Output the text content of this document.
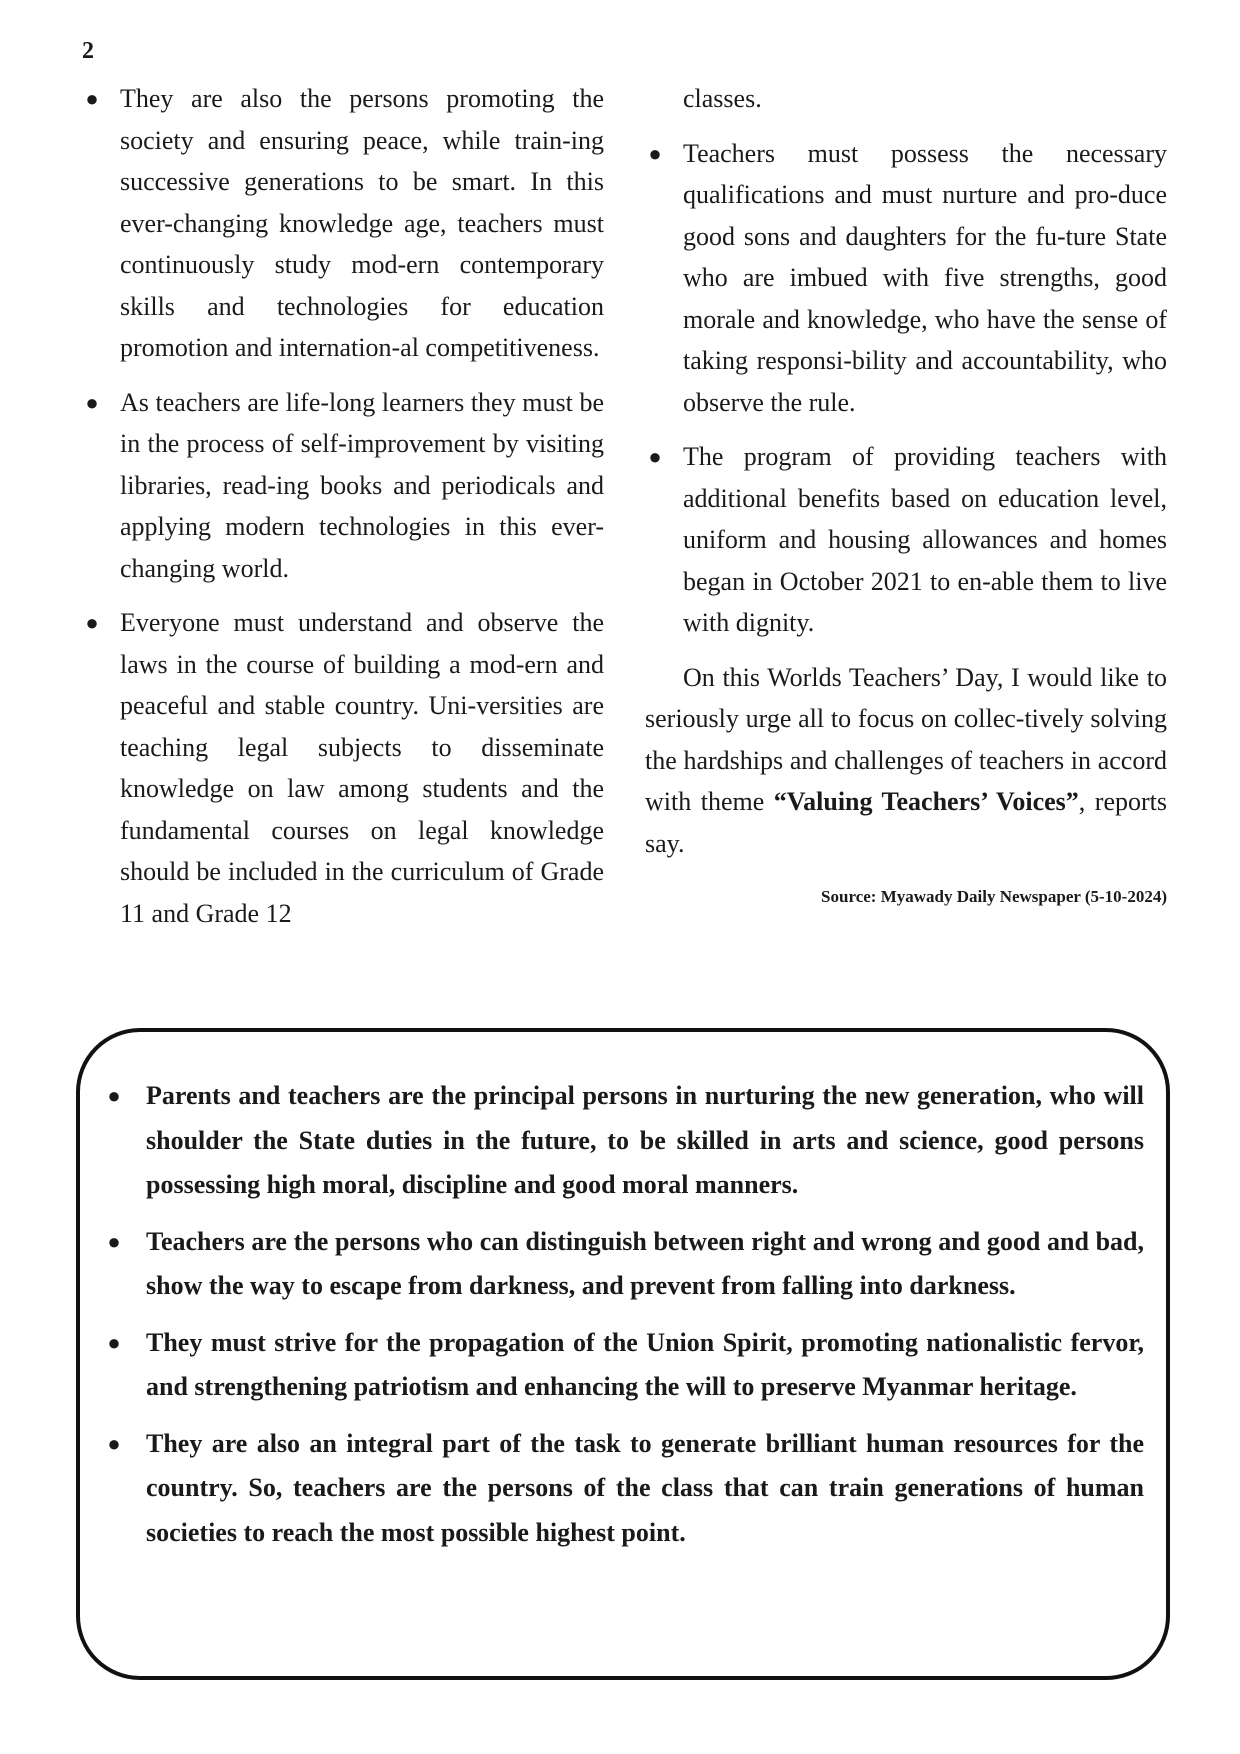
2
● They are also the persons promoting the society and ensuring peace, while train-ing successive generations to be smart. In this ever-changing knowledge age, teachers must continuously study mod-ern contemporary skills and technologies for education promotion and internation-al competitiveness.
● As teachers are life-long learners they must be in the process of self-improvement by visiting libraries, read-ing books and periodicals and applying modern technologies in this ever-changing world.
● Everyone must understand and observe the laws in the course of building a mod-ern and peaceful and stable country. Uni-versities are teaching legal subjects to disseminate knowledge on law among students and the fundamental courses on legal knowledge should be included in the curriculum of Grade 11 and Grade 12
classes.
● Teachers must possess the necessary qualifications and must nurture and pro-duce good sons and daughters for the fu-ture State who are imbued with five strengths, good morale and knowledge, who have the sense of taking responsi-bility and accountability, who observe the rule.
● The program of providing teachers with additional benefits based on education level, uniform and housing allowances and homes began in October 2021 to en-able them to live with dignity.

On this Worlds Teachers’ Day, I would like to seriously urge all to focus on collec-tively solving the hardships and challenges of teachers in accord with theme “Valuing Teachers’ Voices”, reports say.

Source: Myawady Daily Newspaper (5-10-2024)
● Parents and teachers are the principal persons in nurturing the new generation, who will shoulder the State duties in the future, to be skilled in arts and science, good persons possessing high moral, discipline and good moral manners.
● Teachers are the persons who can distinguish between right and wrong and good and bad, show the way to escape from darkness, and prevent from falling into darkness.
● They must strive for the propagation of the Union Spirit, promoting nationalistic fervor, and strengthening patriotism and enhancing the will to preserve Myanmar heritage.
● They are also an integral part of the task to generate brilliant human resources for the country. So, teachers are the persons of the class that can train generations of human societies to reach the most possible highest point.
